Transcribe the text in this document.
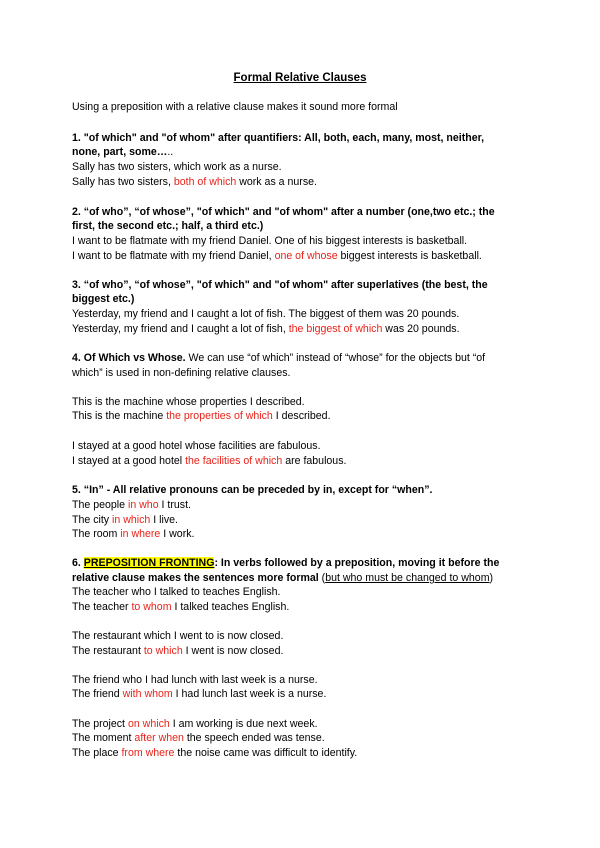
Formal Relative Clauses
Using a preposition with a relative clause makes it sound more formal
1. "of which" and "of whom" after quantifiers: All, both, each, many, most, neither,
none, part, some…..
Sally has two sisters, which work as a nurse.
Sally has two sisters, both of which work as a nurse.
2. “of who”, “of whose”, "of which" and "of whom" after a number (one,two etc.; the
first, the second etc.; half, a third etc.)
I want to be flatmate with my friend Daniel. One of his biggest interests is basketball.
I want to be flatmate with my friend Daniel, one of whose biggest interests is basketball.
3. “of who”, “of whose”, "of which" and "of whom" after superlatives (the best, the
biggest etc.)
Yesterday, my friend and I caught a lot of fish. The biggest of them was 20 pounds.
Yesterday, my friend and I caught a lot of fish, the biggest of which was 20 pounds.
4. Of Which vs Whose. We can use “of which” instead of “whose” for the objects but “of
which” is used in non-defining relative clauses.
This is the machine whose properties I described.
This is the machine the properties of which I described.
I stayed at a good hotel whose facilities are fabulous.
I stayed at a good hotel the facilities of which are fabulous.
5. “In” - All relative pronouns can be preceded by in, except for “when”.
The people in who I trust.
The city in which I live.
The room in where I work.
6. PREPOSITION FRONTING: In verbs followed by a preposition, moving it before the
relative clause makes the sentences more formal (but who must be changed to whom)
The teacher who I talked to teaches English.
The teacher to whom I talked teaches English.
The restaurant which I went to is now closed.
The restaurant to which I went is now closed.
The friend who I had lunch with last week is a nurse.
The friend with whom I had lunch last week is a nurse.
The project on which I am working is due next week.
The moment after when the speech ended was tense.
The place from where the noise came was difficult to identify.
